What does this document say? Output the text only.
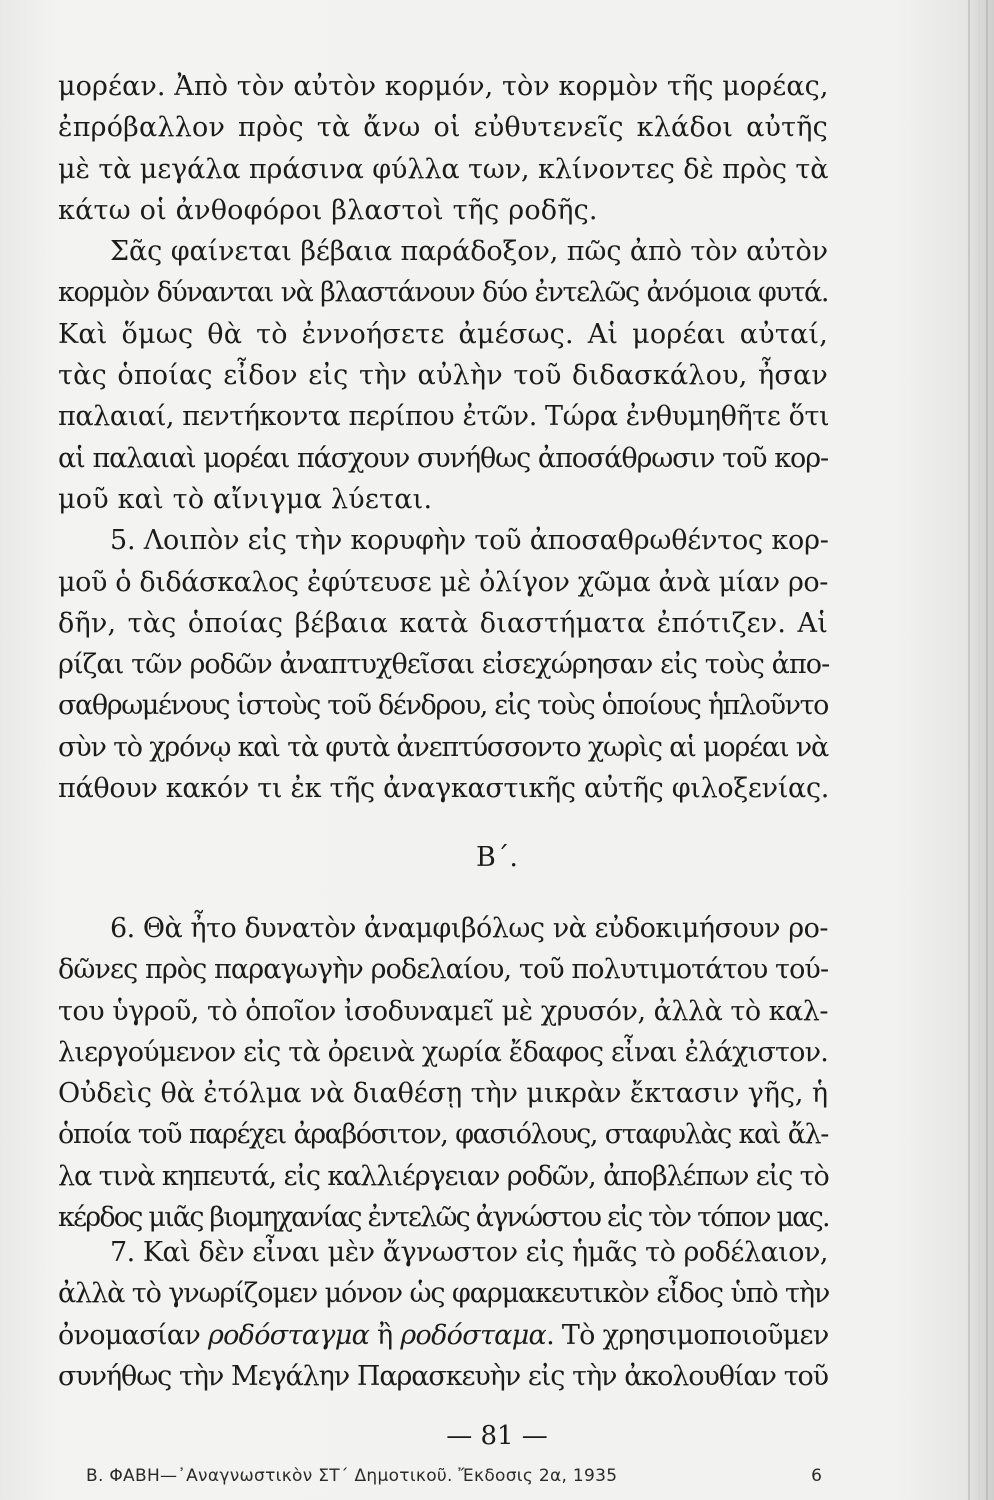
μορέαν. Ἀπὸ τὸν αὐτὸν κορμόν, τὸν κορμὸν τῆς μορέας,
ἐπρόβαλλον πρὸς τὰ ἄνω οἱ εὐθυτενεῖς κλάδοι αὐτῆς
μὲ τὰ μεγάλα πράσινα φύλλα των, κλίνοντες δὲ πρὸς τὰ
κάτω οἱ ἀνθοφόροι βλαστοὶ τῆς ροδῆς.
Σᾶς φαίνεται βέβαια παράδοξον, πῶς ἀπὸ τὸν αὐτὸν
κορμὸν δύνανται νὰ βλαστάνουν δύο ἐντελῶς ἀνόμοια φυτά.
Καὶ ὅμως θὰ τὸ ἐννοήσετε ἀμέσως. Αἱ μορέαι αὐταί,
τὰς ὁποίας εἶδον εἰς τὴν αὐλὴν τοῦ διδασκάλου, ἦσαν
παλαιαί, πεντήκοντα περίπου ἐτῶν. Τώρα ἐνθυμηθῆτε ὅτι
αἱ παλαιαὶ μορέαι πάσχουν συνήθως ἀποσάθρωσιν τοῦ κορ-
μοῦ καὶ τὸ αἴνιγμα λύεται.
5. Λοιπὸν εἰς τὴν κορυφὴν τοῦ ἀποσαθρωθέντος κορ-
μοῦ ὁ διδάσκαλος ἐφύτευσε μὲ ὀλίγον χῶμα ἀνὰ μίαν ρο-
δῆν, τὰς ὁποίας βέβαια κατὰ διαστήματα ἐπότιζεν. Αἱ
ρίζαι τῶν ροδῶν ἀναπτυχθεῖσαι εἰσεχώρησαν εἰς τοὺς ἀπο-
σαθρωμένους ἱστοὺς τοῦ δένδρου, εἰς τοὺς ὁποίους ἡπλοῦντο
σὺν τὸ χρόνῳ καὶ τὰ φυτὰ ἀνεπτύσσοντο χωρὶς αἱ μορέαι νὰ
πάθουν κακόν τι ἐκ τῆς ἀναγκαστικῆς αὐτῆς φιλοξενίας.
Β΄.
6. Θὰ ἦτο δυνατὸν ἀναμφιβόλως νὰ εὐδοκιμήσουν ρο-
δῶνες πρὸς παραγωγὴν ροδελαίου, τοῦ πολυτιμοτάτου τού-
του ὑγροῦ, τὸ ὁποῖον ἰσοδυναμεῖ μὲ χρυσόν, ἀλλὰ τὸ καλ-
λιεργούμενον εἰς τὰ ὀρεινὰ χωρία ἔδαφος εἶναι ἐλάχιστον.
Οὐδεὶς θὰ ἐτόλμα νὰ διαθέσῃ τὴν μικρὰν ἔκτασιν γῆς, ἡ
ὁποία τοῦ παρέχει ἀραβόσιτον, φασιόλους, σταφυλὰς καὶ ἄλ-
λα τινὰ κηπευτά, εἰς καλλιέργειαν ροδῶν, ἀποβλέπων εἰς τὸ
κέρδος μιᾶς βιομηχανίας ἐντελῶς ἀγνώστου εἰς τὸν τόπον μας.
7. Καὶ δὲν εἶναι μὲν ἄγνωστον εἰς ἡμᾶς τὸ ροδέλαιον,
ἀλλὰ τὸ γνωρίζομεν μόνον ὡς φαρμακευτικὸν εἶδος ὑπὸ τὴν
ὀνομασίαν ροδόσταγμα ἢ ροδόσταμα. Τὸ χρησιμοποιοῦμεν
συνήθως τὴν Μεγάλην Παρασκευὴν εἰς τὴν ἀκολουθίαν τοῦ
— 81 —
Β. ΦΑΒΗ—᾿Αναγνωστικὸν ΣΤ´ Δημοτικοῦ. Ἔκδοσις 2α, 1935	6
